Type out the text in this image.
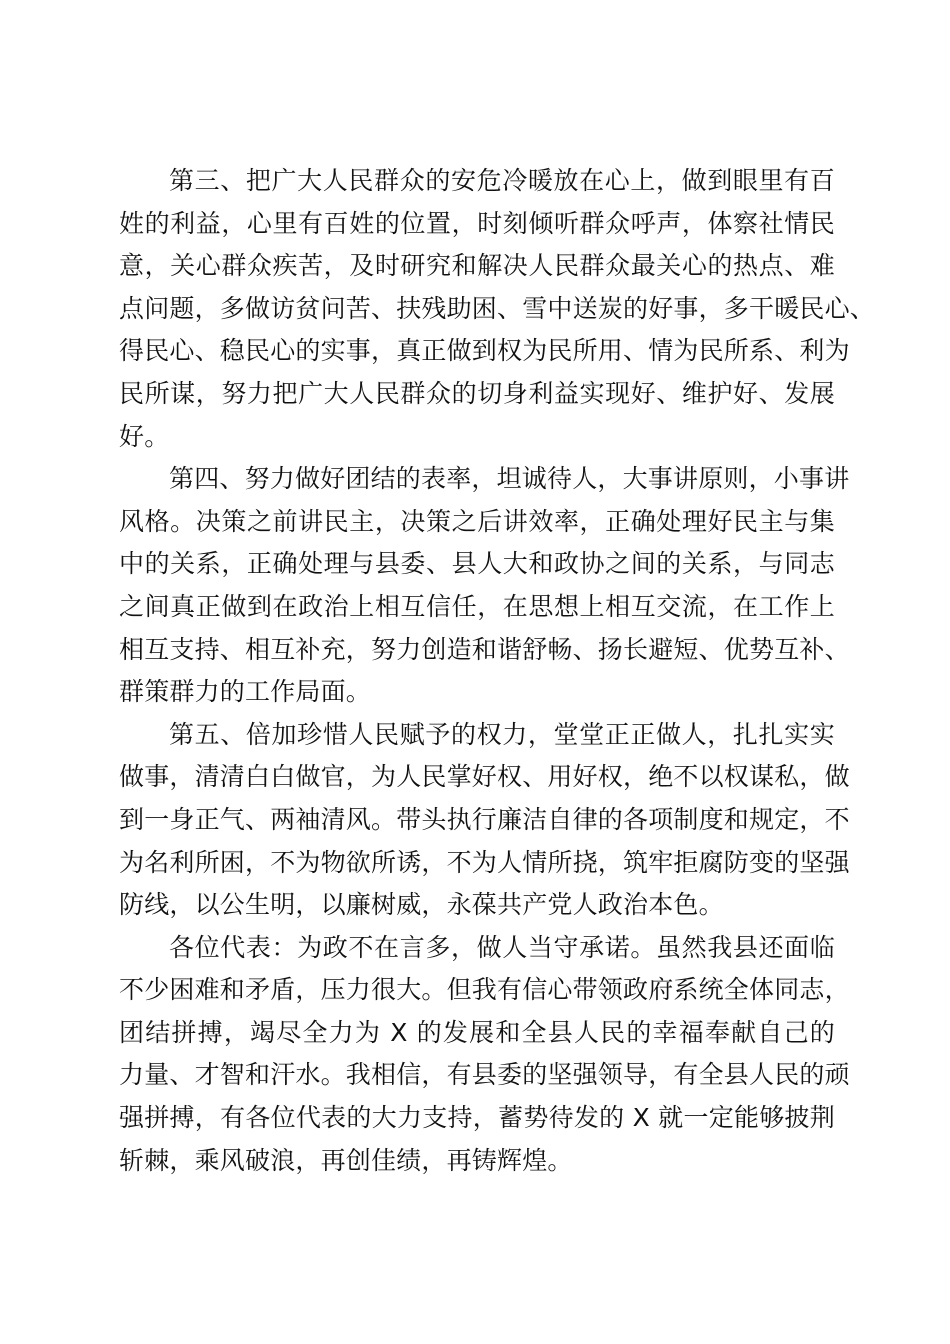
第三、把广大人民群众的安危冷暖放在心上，做到眼里有百
姓的利益，心里有百姓的位置，时刻倾听群众呼声，体察社情民
意，关心群众疾苦，及时研究和解决人民群众最关心的热点、难
点问题，多做访贫问苦、扶残助困、雪中送炭的好事，多干暖民心、
得民心、稳民心的实事，真正做到权为民所用、情为民所系、利为
民所谋，努力把广大人民群众的切身利益实现好、维护好、发展
好。
第四、努力做好团结的表率，坦诚待人，大事讲原则，小事讲
风格。决策之前讲民主，决策之后讲效率，正确处理好民主与集
中的关系，正确处理与县委、县人大和政协之间的关系，与同志
之间真正做到在政治上相互信任，在思想上相互交流，在工作上
相互支持、相互补充，努力创造和谐舒畅、扬长避短、优势互补、
群策群力的工作局面。
第五、倍加珍惜人民赋予的权力，堂堂正正做人，扎扎实实
做事，清清白白做官，为人民掌好权、用好权，绝不以权谋私，做
到一身正气、两袖清风。带头执行廉洁自律的各项制度和规定，不
为名利所困，不为物欲所诱，不为人情所挠，筑牢拒腐防变的坚强
防线，以公生明，以廉树威，永葆共产党人政治本色。
各位代表：为政不在言多，做人当守承诺。虽然我县还面临
不少困难和矛盾，压力很大。但我有信心带领政府系统全体同志，
团结拼搏，竭尽全力为 X 的发展和全县人民的幸福奉献自己的
力量、才智和汗水。我相信，有县委的坚强领导，有全县人民的顽
强拼搏，有各位代表的大力支持，蓄势待发的 X 就一定能够披荆
斩棘，乘风破浪，再创佳绩，再铸辉煌。
